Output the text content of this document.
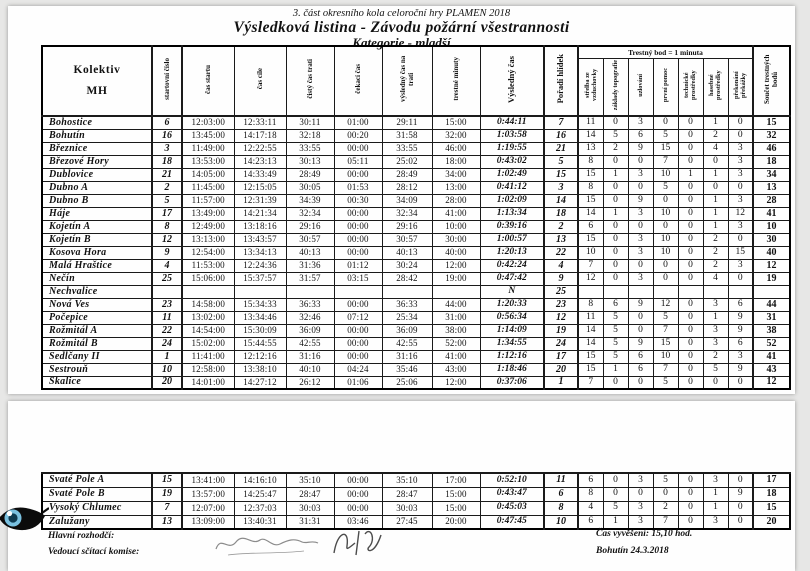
3. část okresního kola celoroční hry PLAMEN 2018
Výsledková listina - Závodu požární všestrannosti
Kategorie - mladší
Kolektiv
MH	startovní číslo	čas startu	čas cíle	čistý čas trati	čekací čas	výsledný čas na trati	trestné minuty	Výsledný čas	Pořadí hlídek	Trestný bod = 1 minuta							Součet trestných bodů
										střelba ze vzduchovky	základy topografie	uzlování	první pomoc	technické prostředky	hasebné prostředky	překonání překážky	
Bohostice	6	12:03:00	12:33:11	30:11	01:00	29:11	15:00	0:44:11	7	11	0	3	0	0	1	0	15
Bohutín	16	13:45:00	14:17:18	32:18	00:20	31:58	32:00	1:03:58	16	14	5	6	5	0	2	0	32
Březnice	3	11:49:00	12:22:55	33:55	00:00	33:55	46:00	1:19:55	21	13	2	9	15	0	4	3	46
Březové Hory	18	13:53:00	14:23:13	30:13	05:11	25:02	18:00	0:43:02	5	8	0	0	7	0	0	3	18
Dublovice	21	14:05:00	14:33:49	28:49	00:00	28:49	34:00	1:02:49	15	15	1	3	10	1	1	3	34
Dubno A	2	11:45:00	12:15:05	30:05	01:53	28:12	13:00	0:41:12	3	8	0	0	5	0	0	0	13
Dubno B	5	11:57:00	12:31:39	34:39	00:30	34:09	28:00	1:02:09	14	15	0	9	0	0	1	3	28
Háje	17	13:49:00	14:21:34	32:34	00:00	32:34	41:00	1:13:34	18	14	1	3	10	0	1	12	41
Kojetín A	8	12:49:00	13:18:16	29:16	00:00	29:16	10:00	0:39:16	2	6	0	0	0	0	1	3	10
Kojetín B	12	13:13:00	13:43:57	30:57	00:00	30:57	30:00	1:00:57	13	15	0	3	10	0	2	0	30
Kosova Hora	9	12:54:00	13:34:13	40:13	00:00	40:13	40:00	1:20:13	22	10	0	3	10	0	2	15	40
Malá Hraštice	4	11:53:00	12:24:36	31:36	01:12	30:24	12:00	0:42:24	4	7	0	0	0	0	2	3	12
Nečín	25	15:06:00	15:37:57	31:57	03:15	28:42	19:00	0:47:42	9	12	0	3	0	0	4	0	19
Nechvalice								N	25								
Nová Ves	23	14:58:00	15:34:33	36:33	00:00	36:33	44:00	1:20:33	23	8	6	9	12	0	3	6	44
Počepice	11	13:02:00	13:34:46	32:46	07:12	25:34	31:00	0:56:34	12	11	5	0	5	0	1	9	31
Rožmitál A	22	14:54:00	15:30:09	36:09	00:00	36:09	38:00	1:14:09	19	14	5	0	7	0	3	9	38
Rožmitál B	24	15:02:00	15:44:55	42:55	00:00	42:55	52:00	1:34:55	24	14	5	9	15	0	3	6	52
Sedlčany II	1	11:41:00	12:12:16	31:16	00:00	31:16	41:00	1:12:16	17	15	5	6	10	0	2	3	41
Sestrouň	10	12:58:00	13:38:10	40:10	04:24	35:46	43:00	1:18:46	20	15	1	6	7	0	5	9	43
Skalice	20	14:01:00	14:27:12	26:12	01:06	25:06	12:00	0:37:06	1	7	0	0	5	0	0	0	12
Svaté Pole A	15	13:41:00	14:16:10	35:10	00:00	35:10	17:00	0:52:10	11	6	0	3	5	0	3	0	17
Svaté Pole B	19	13:57:00	14:25:47	28:47	00:00	28:47	15:00	0:43:47	6	8	0	0	0	0	1	9	18
Vysoký Chlumec	7	12:07:00	12:37:03	30:03	00:00	30:03	15:00	0:45:03	8	4	5	3	2	0	1	0	15
Zalužany	13	13:09:00	13:40:31	31:31	03:46	27:45	20:00	0:47:45	10	6	1	3	7	0	3	0	20
Hlavní rozhodčí:
Vedoucí sčítací komise:
Čas vyvěšení: 15,10 hod.
Bohutín 24.3.2018
